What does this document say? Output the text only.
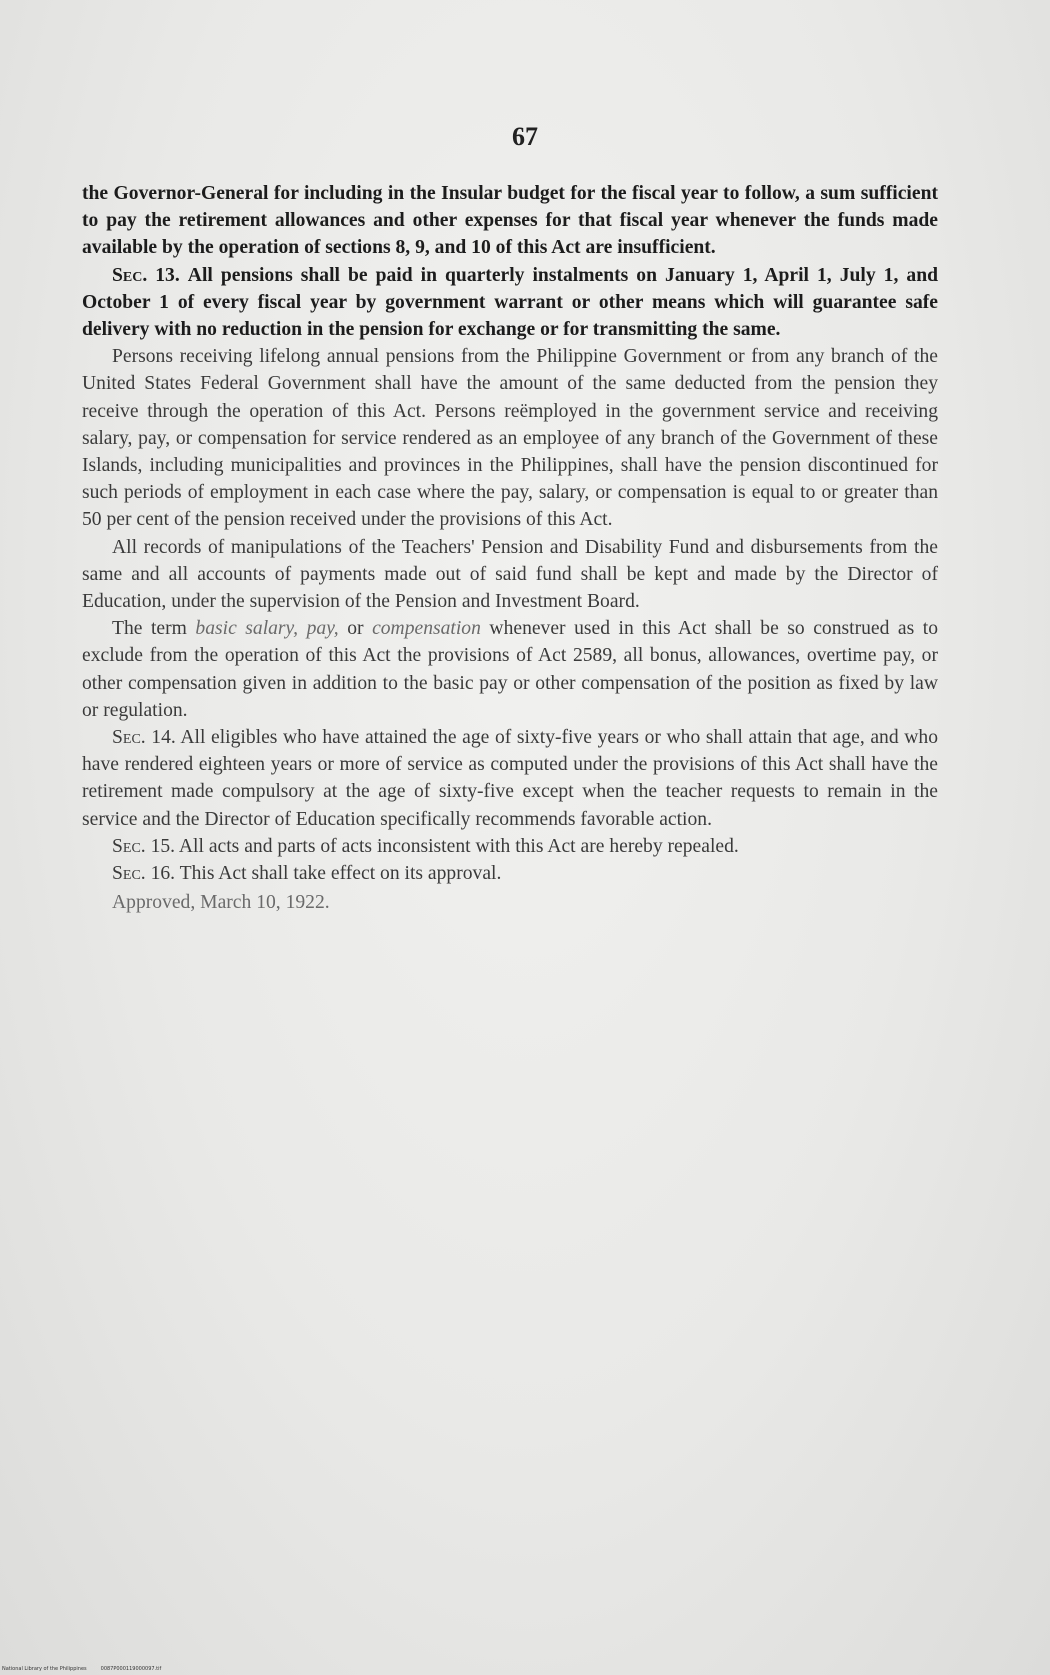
67

the Governor-General for including in the Insular budget for the fiscal year to follow, a sum sufficient to pay the retirement allowances and other expenses for that fiscal year whenever the funds made available by the operation of sections 8, 9, and 10 of this Act are insufficient.

Sec. 13. All pensions shall be paid in quarterly instalments on January 1, April 1, July 1, and October 1 of every fiscal year by government warrant or other means which will guarantee safe delivery with no reduction in the pension for exchange or for transmitting the same.

Persons receiving lifelong annual pensions from the Philippine Government or from any branch of the United States Federal Government shall have the amount of the same deducted from the pension they receive through the operation of this Act. Persons reëmployed in the government service and receiving salary, pay, or compensation for service rendered as an employee of any branch of the Government of these Islands, including municipalities and provinces in the Philippines, shall have the pension discontinued for such periods of employment in each case where the pay, salary, or compensation is equal to or greater than 50 per cent of the pension received under the provisions of this Act.

All records of manipulations of the Teachers' Pension and Disability Fund and disbursements from the same and all accounts of payments made out of said fund shall be kept and made by the Director of Education, under the supervision of the Pension and Investment Board.

The term basic salary, pay, or compensation whenever used in this Act shall be so construed as to exclude from the operation of this Act the provisions of Act 2589, all bonus, allowances, overtime pay, or other compensation given in addition to the basic pay or other compensation of the position as fixed by law or regulation.

Sec. 14. All eligibles who have attained the age of sixty-five years or who shall attain that age, and who have rendered eighteen years or more of service as computed under the provisions of this Act shall have the retirement made compulsory at the age of sixty-five except when the teacher requests to remain in the service and the Director of Education specifically recommends favorable action.

Sec. 15. All acts and parts of acts inconsistent with this Act are hereby repealed.

Sec. 16. This Act shall take effect on its approval.

Approved, March 10, 1922.

National Library of the Philippines	0087P000119000097.tif
